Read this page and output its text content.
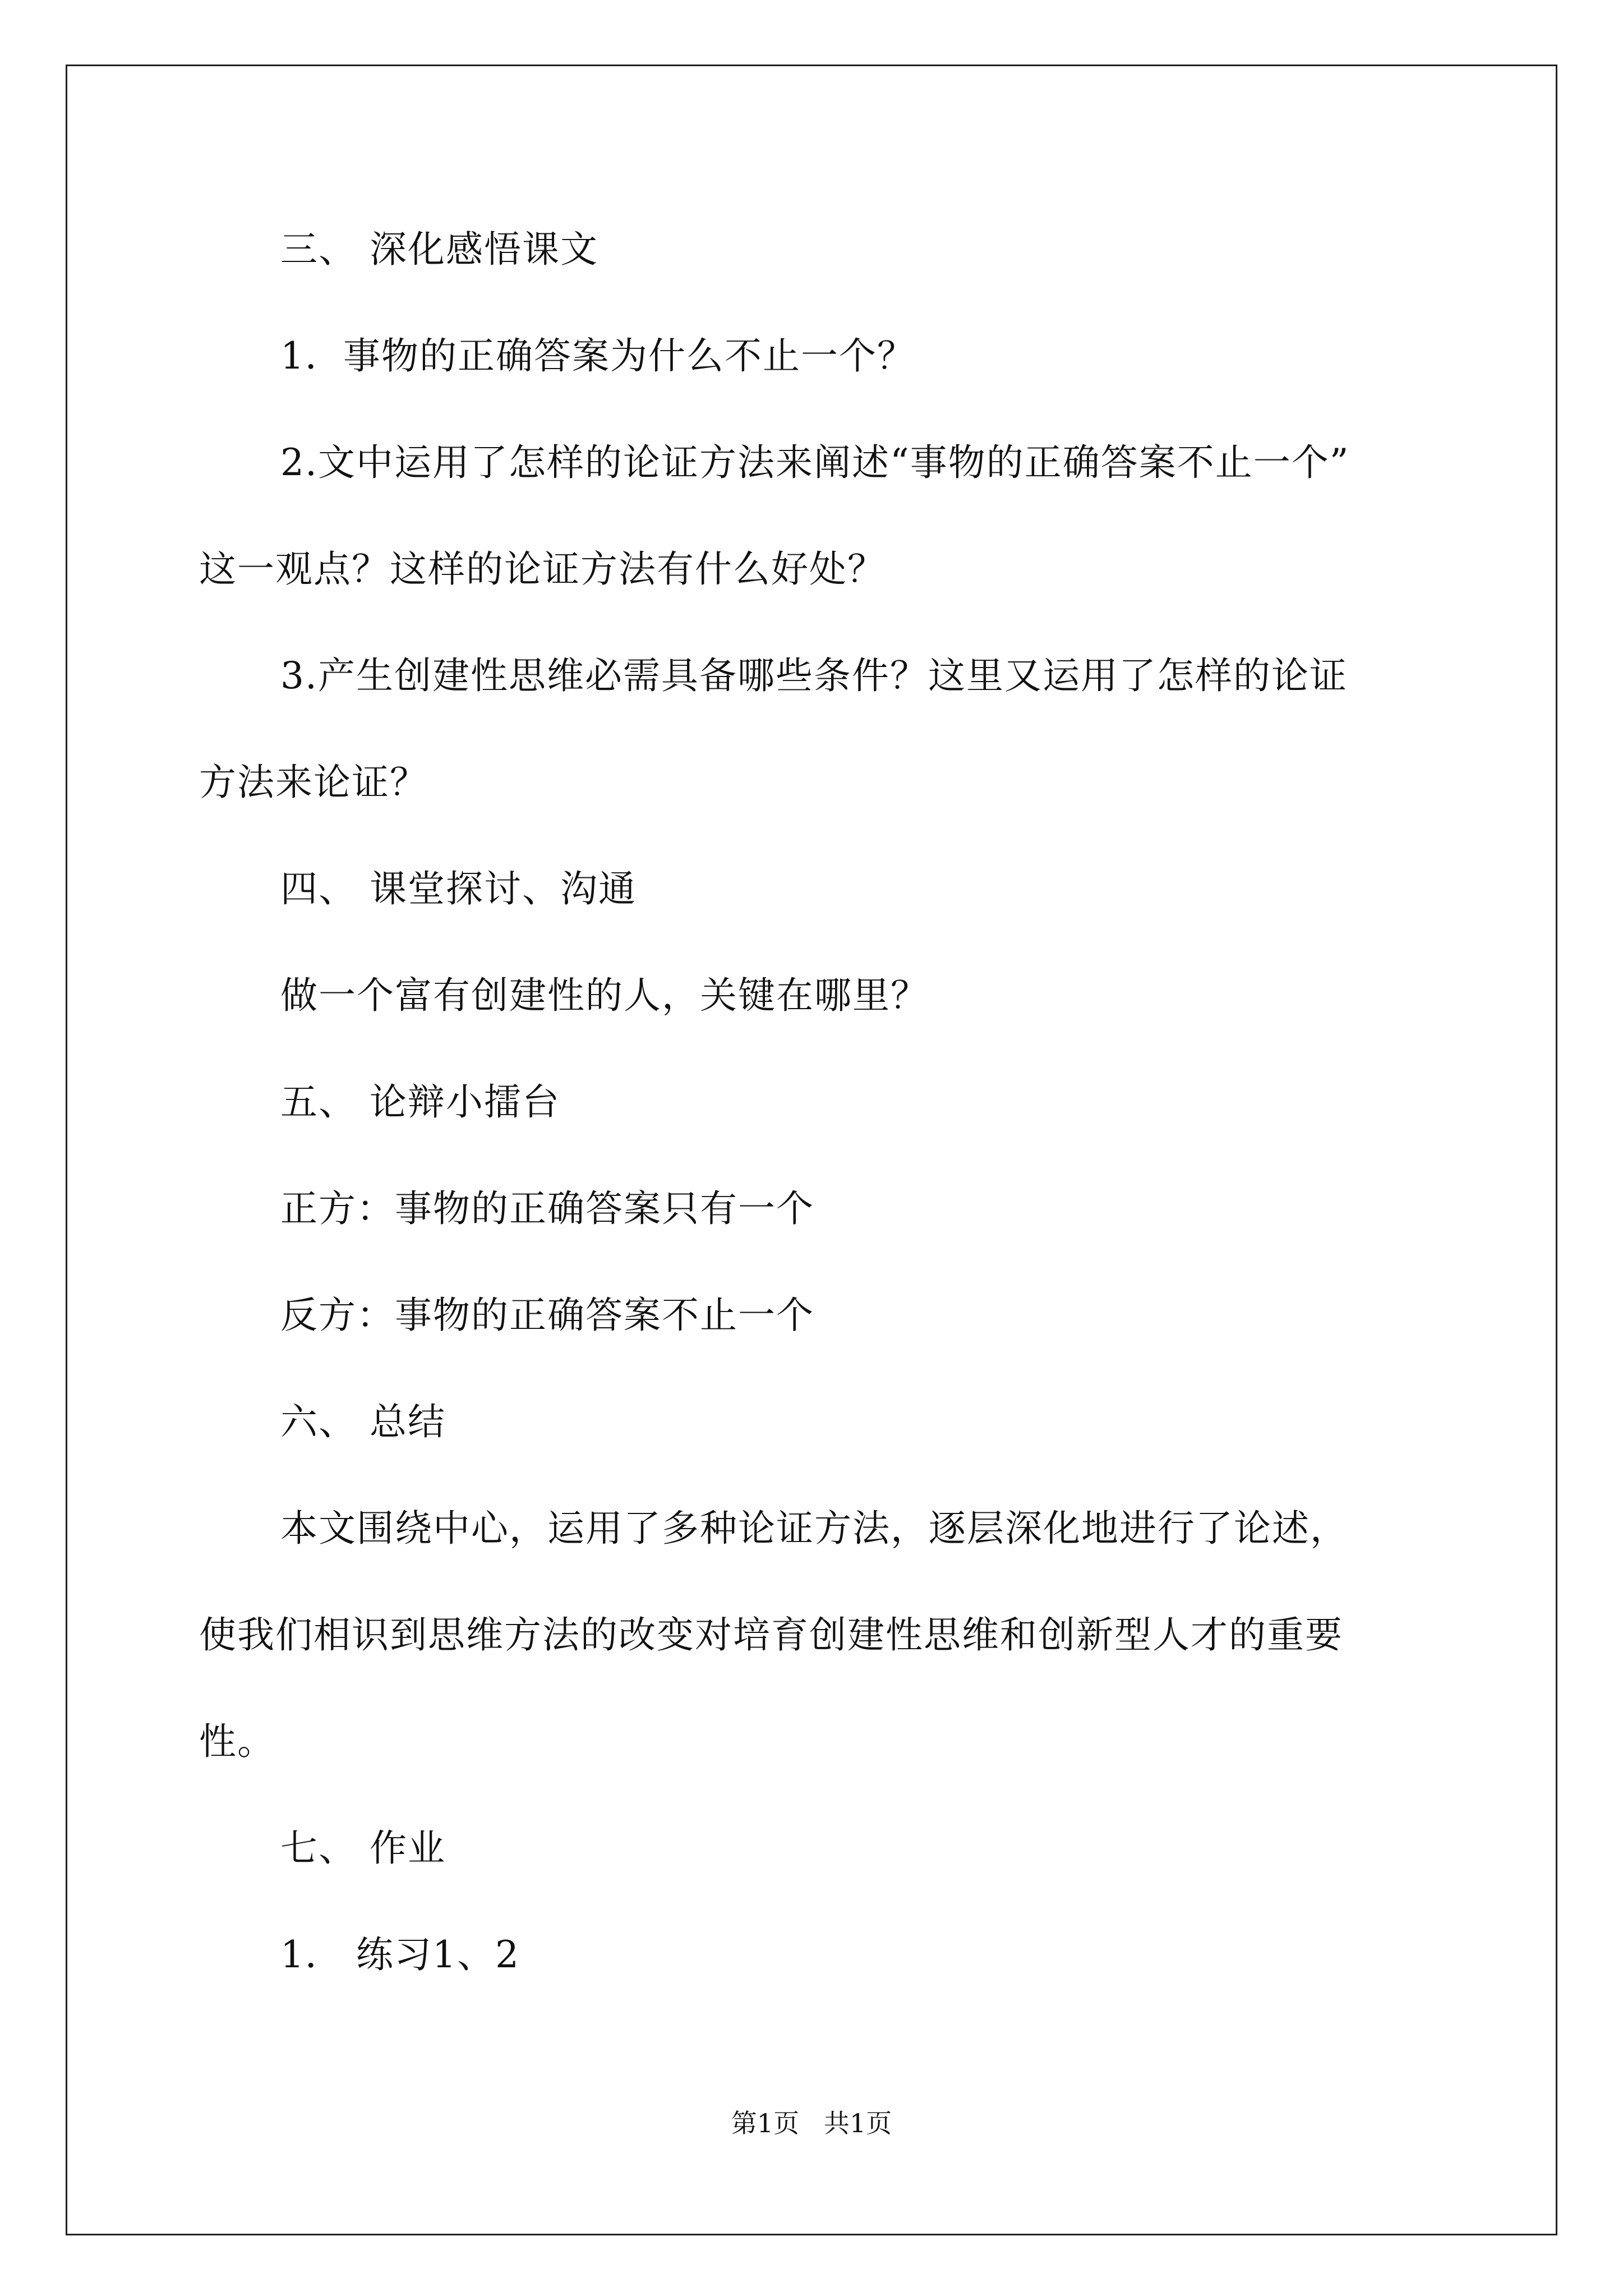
三、 深化感悟课文
1．事物的正确答案为什么不止一个？
2.文中运用了怎样的论证方法来阐述“事物的正确答案不止一个”
这一观点？这样的论证方法有什么好处？
3.产生创建性思维必需具备哪些条件？这里又运用了怎样的论证
方法来论证？
四、 课堂探讨、沟通
做一个富有创建性的人，关键在哪里？
五、 论辩小擂台
正方：事物的正确答案只有一个
反方：事物的正确答案不止一个
六、 总结
本文围绕中心，运用了多种论证方法，逐层深化地进行了论述，
使我们相识到思维方法的改变对培育创建性思维和创新型人才的重要
性。
七、 作业
1． 练习1、2
第1页   共1页
